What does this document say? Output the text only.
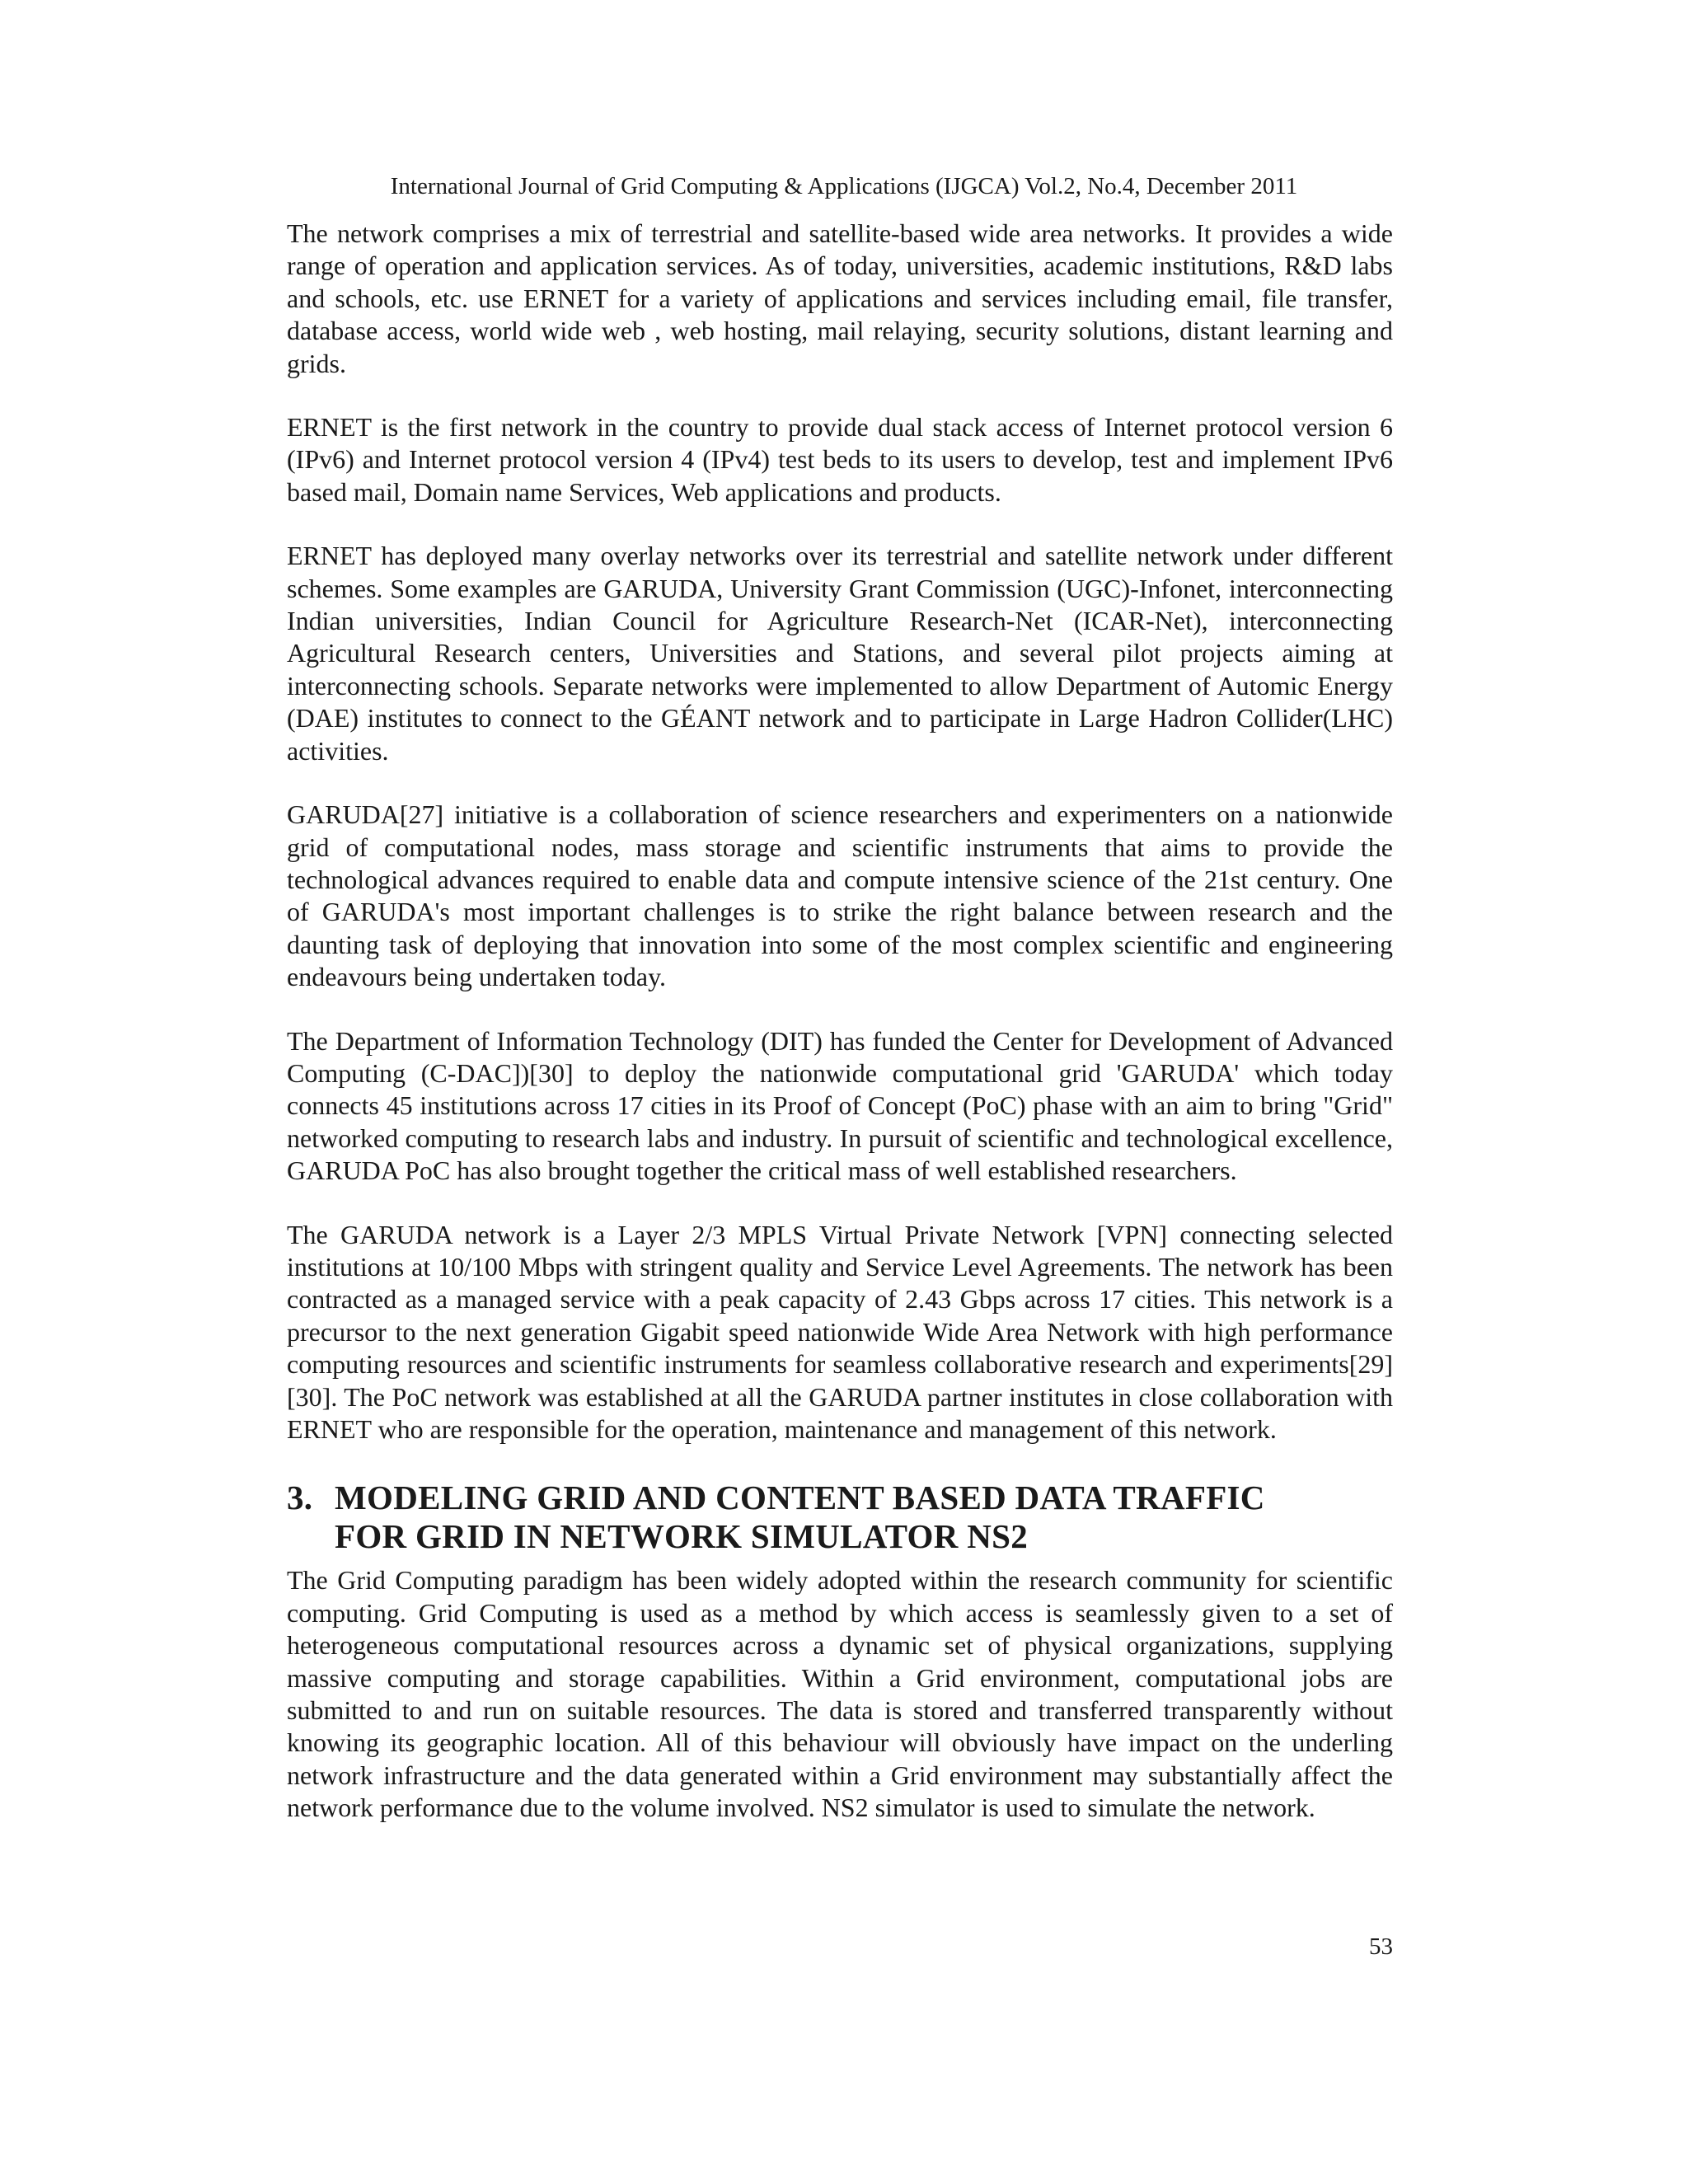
International Journal of Grid Computing & Applications (IJGCA) Vol.2, No.4, December 2011

The network comprises a mix of terrestrial and satellite-based wide area networks. It provides a wide range of operation and application services. As of today, universities, academic institutions, R&D labs and schools, etc. use ERNET for a variety of applications and services including email, file transfer, database access, world wide web , web hosting, mail relaying, security solutions, distant learning and grids.

ERNET is the first network in the country to provide dual stack access of Internet protocol version 6 (IPv6) and Internet protocol version 4 (IPv4) test beds to its users to develop, test and implement IPv6 based mail, Domain name Services, Web applications and products.

ERNET has deployed many overlay networks over its terrestrial and satellite network under different schemes. Some examples are GARUDA, University Grant Commission (UGC)-Infonet, interconnecting Indian universities, Indian Council for Agriculture Research-Net (ICAR-Net), interconnecting Agricultural Research centers, Universities and Stations, and several pilot projects aiming at interconnecting schools. Separate networks were implemented to allow Department of Automic Energy (DAE) institutes to connect to the GÉANT network and to participate in Large Hadron Collider(LHC) activities.

GARUDA[27] initiative is a collaboration of science researchers and experimenters on a nationwide grid of computational nodes, mass storage and scientific instruments that aims to provide the technological advances required to enable data and compute intensive science of the 21st century. One of GARUDA's most important challenges is to strike the right balance between research and the daunting task of deploying that innovation into some of the most complex scientific and engineering endeavours being undertaken today.

The Department of Information Technology (DIT) has funded the Center for Development of Advanced Computing (C-DAC])[30] to deploy the nationwide computational grid 'GARUDA' which today connects 45 institutions across 17 cities in its Proof of Concept (PoC) phase with an aim to bring "Grid" networked computing to research labs and industry. In pursuit of scientific and technological excellence, GARUDA PoC has also brought together the critical mass of well established researchers.

The GARUDA network is a Layer 2/3 MPLS Virtual Private Network [VPN] connecting selected institutions at 10/100 Mbps with stringent quality and Service Level Agreements. The network has been contracted as a managed service with a peak capacity of 2.43 Gbps across 17 cities. This network is a precursor to the next generation Gigabit speed nationwide Wide Area Network with high performance computing resources and scientific instruments for seamless collaborative research and experiments[29][30]. The PoC network was established at all the GARUDA partner institutes in close collaboration with ERNET who are responsible for the operation, maintenance and management of this network.

3. MODELING GRID AND CONTENT BASED DATA TRAFFIC
FOR GRID IN NETWORK SIMULATOR NS2

The Grid Computing paradigm has been widely adopted within the research community for scientific computing. Grid Computing is used as a method by which access is seamlessly given to a set of heterogeneous computational resources across a dynamic set of physical organizations, supplying massive computing and storage capabilities. Within a Grid environment, computational jobs are submitted to and run on suitable resources. The data is stored and transferred transparently without knowing its geographic location. All of this behaviour will obviously have impact on the underling network infrastructure and the data generated within a Grid environment may substantially affect the network performance due to the volume involved. NS2 simulator is used to simulate the network.

53
